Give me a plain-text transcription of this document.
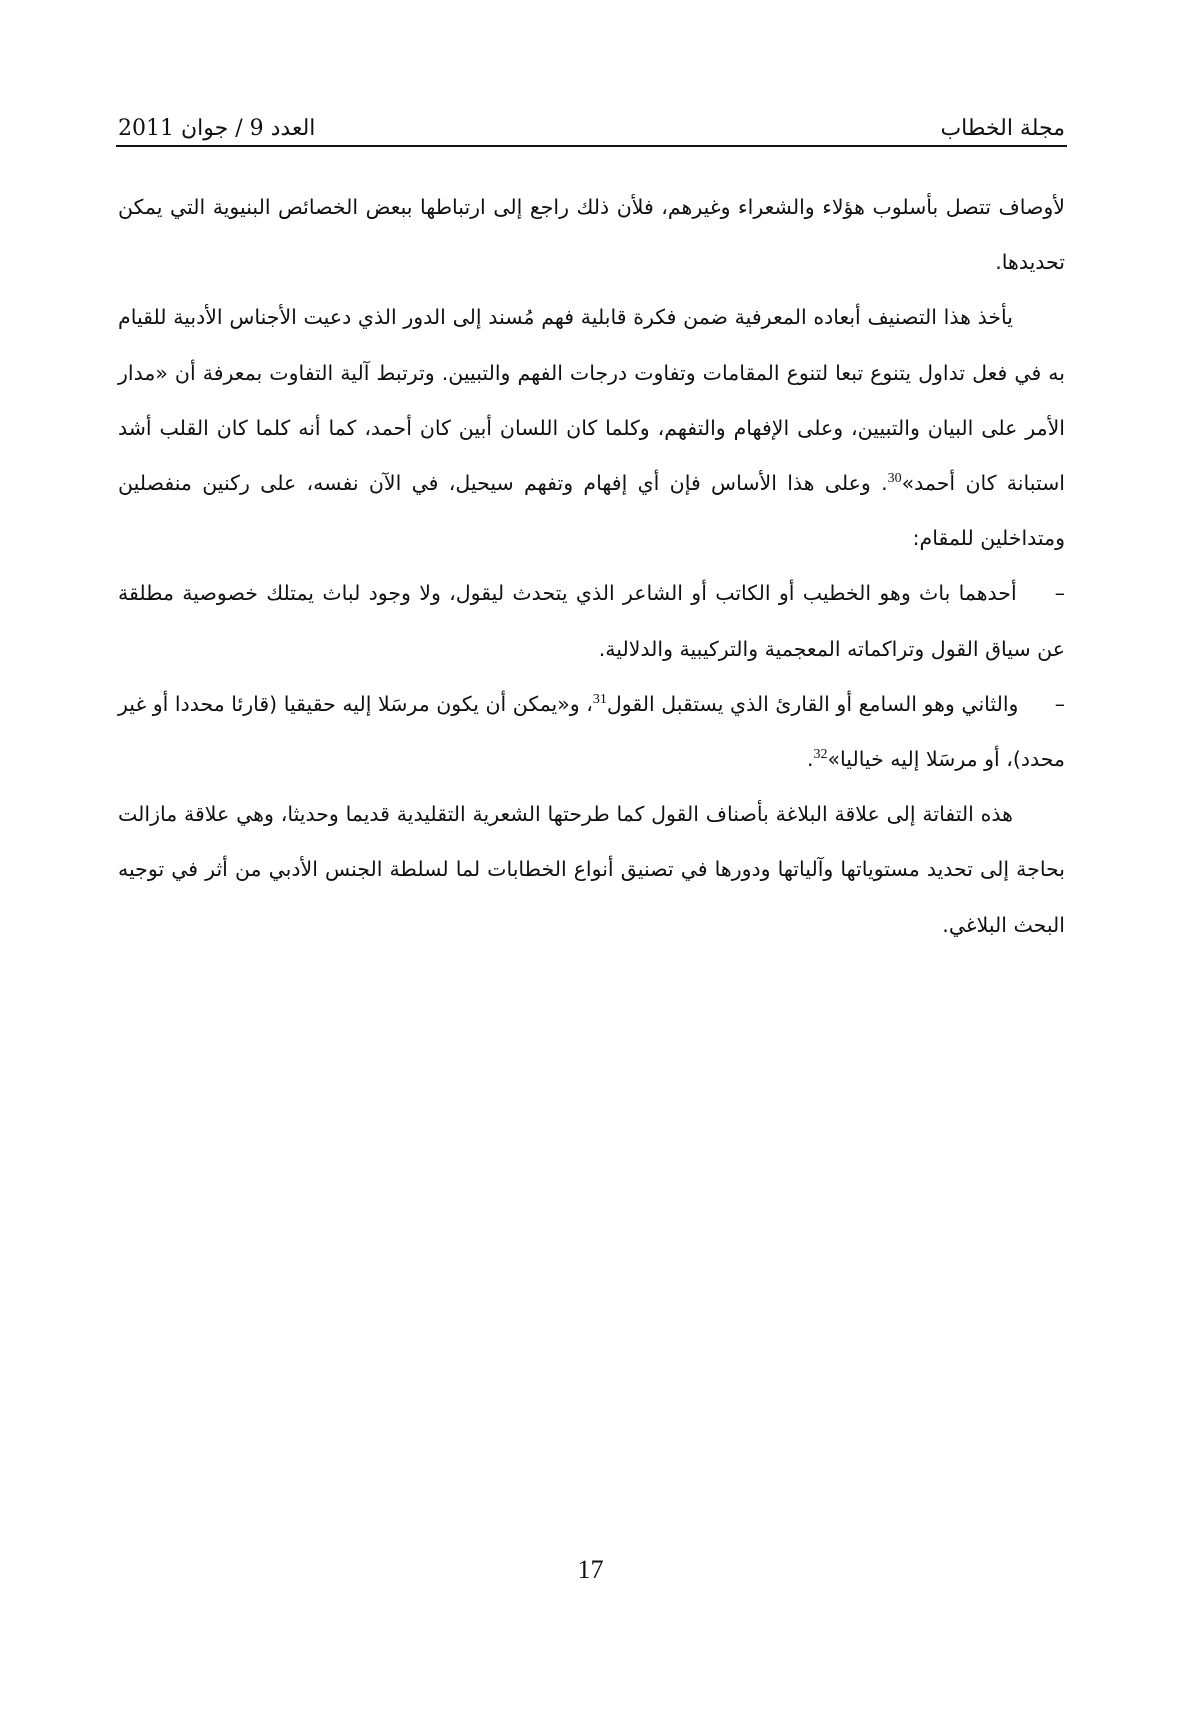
مجلة الخطاب
العدد 9 / جوان 2011

لأوصاف تتصل بأسلوب هؤلاء والشعراء وغيرهم، فلأن ذلك راجع إلى ارتباطها ببعض الخصائص البنيوية التي يمكن تحديدها.

يأخذ هذا التصنيف أبعاده المعرفية ضمن فكرة قابلية فهم مُسند إلى الدور الذي دعيت الأجناس الأدبية للقيام به في فعل تداول يتنوع تبعا لتنوع المقامات وتفاوت درجات الفهم والتبيين. وترتبط آلية التفاوت بمعرفة أن «مدار الأمر على البيان والتبيين، وعلى الإفهام والتفهم، وكلما كان اللسان أبين كان أحمد، كما أنه كلما كان القلب أشد استبانة كان أحمد»$^{30}$. وعلى هذا الأساس فإن أي إفهام وتفهم سيحيل، في الآن نفسه، على ركنين منفصلين ومتداخلين للمقام:

– أحدهما باث وهو الخطيب أو الكاتب أو الشاعر الذي يتحدث ليقول، ولا وجود لباث يمتلك خصوصية مطلقة عن سياق القول وتراكماته المعجمية والتركيبية والدلالية.

– والثاني وهو السامع أو القارئ الذي يستقبل القول$^{31}$، و«يمكن أن يكون مرسَلا إليه حقيقيا (قارئا محددا أو غير محدد)، أو مرسَلا إليه خياليا»$^{32}$.

هذه التفاتة إلى علاقة البلاغة بأصناف القول كما طرحتها الشعرية التقليدية قديما وحديثا، وهي علاقة مازالت بحاجة إلى تحديد مستوياتها وآلياتها ودورها في تصنيق أنواع الخطابات لما لسلطة الجنس الأدبي من أثر في توجيه البحث البلاغي.

17
